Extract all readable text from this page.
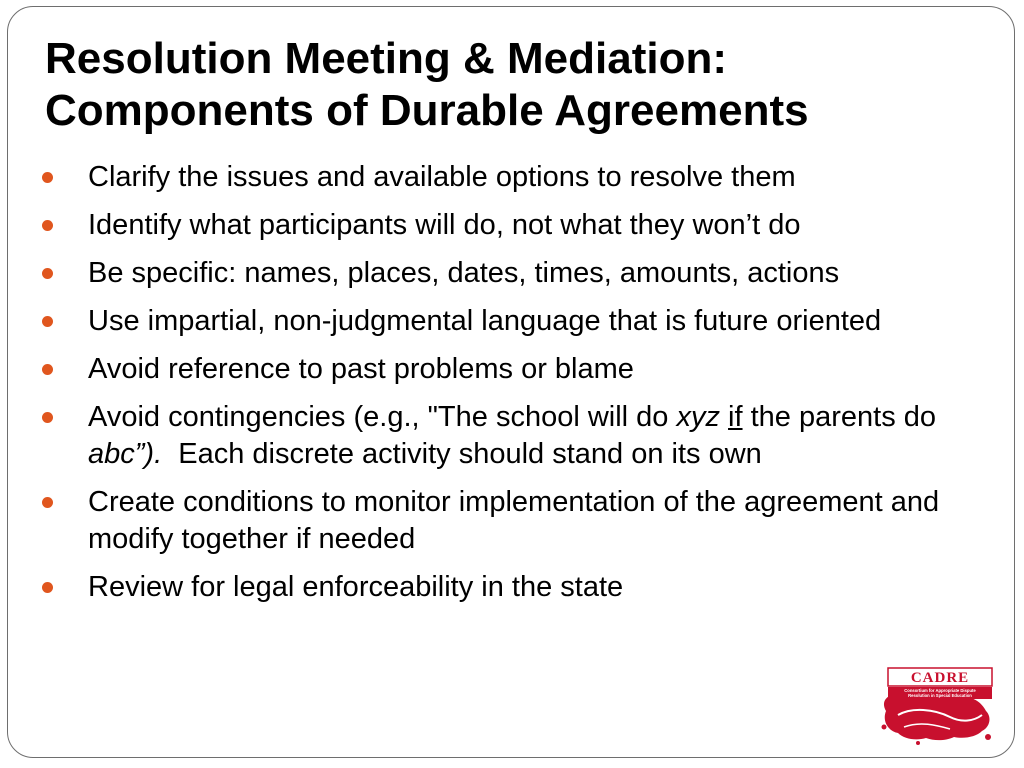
Resolution Meeting & Mediation:
Components of Durable Agreements
Clarify the issues and available options to resolve them
Identify what participants will do, not what they won’t do
Be specific: names, places, dates, times, amounts, actions
Use impartial, non-judgmental language that is future oriented
Avoid reference to past problems or blame
Avoid contingencies (e.g., "The school will do xyz if the parents do abc”).  Each discrete activity should stand on its own
Create conditions to monitor implementation of the agreement and modify together if needed
Review for legal enforceability in the state
CADRE
Consortium for Appropriate Dispute
Resolution in Special Education
